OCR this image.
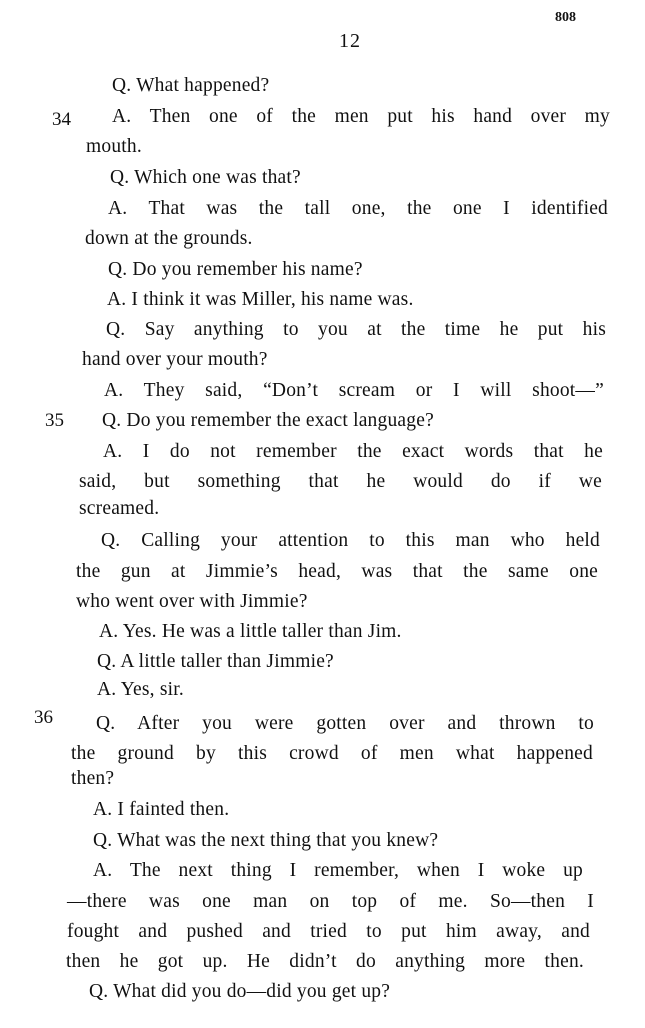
12
808
34
35
36
Q. What happened?
A. Then one of the men put his hand over my
mouth.
Q. Which one was that?
A. That was the tall one, the one I identified
down at the grounds.
Q. Do you remember his name?
A. I think it was Miller, his name was.
Q. Say anything to you at the time he put his
hand over your mouth?
A. They said, “Don’t scream or I will shoot—”
Q. Do you remember the exact language?
A. I do not remember the exact words that he
said, but something that he would do if we
screamed.
Q. Calling your attention to this man who held
the gun at Jimmie’s head, was that the same one
who went over with Jimmie?
A. Yes. He was a little taller than Jim.
Q. A little taller than Jimmie?
A. Yes, sir.
Q. After you were gotten over and thrown to
the ground by this crowd of men what happened
then?
A. I fainted then.
Q. What was the next thing that you knew?
A. The next thing I remember, when I woke up
—there was one man on top of me. So—then I
fought and pushed and tried to put him away, and
then he got up. He didn’t do anything more then.
Q. What did you do—did you get up?
